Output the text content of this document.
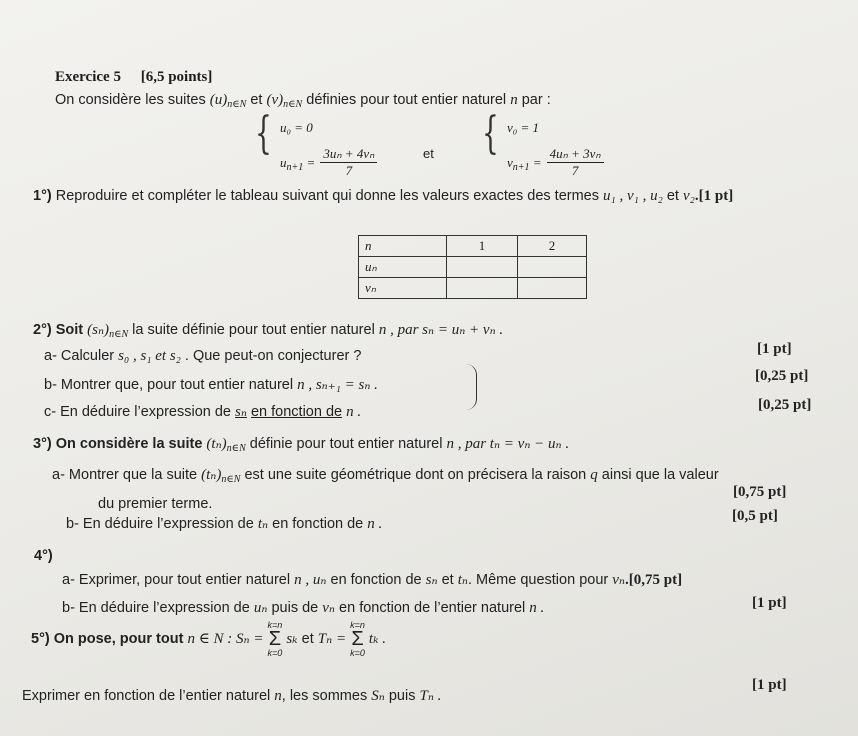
Exercice 5 [6,5 points]
On considère les suites $(u)_{n\in N}$ et $(v)_{n\in N}$ définies pour tout entier naturel n par :
{ u₀ = 0
$u_{n+1} = \frac{\text{3uₙ + 4vₙ}}{7}$	et { v₀ = 1
$v_{n+1} = \frac{\text{4uₙ + 3vₙ}}{7}$
1°) Reproduire et compléter le tableau suivant qui donne les valeurs exactes des termes u₁ , v₁ , u₂ et v₂.[1 pt]
n	1	2
uₙ		
vₙ		
2°) Soit $(s_n)_{n\in N}$ la suite définie pour tout entier naturel n , par sₙ = uₙ + vₙ .
a- Calculer s₀ , s₁ et s₂ . Que peut-on conjecturer ?	[1 pt]
b- Montrer que, pour tout entier naturel n , sₙ₊₁ = sₙ .
[0,25 pt]
c- En déduire l’expression de sₙ en fonction de n .	[0,25 pt]
3°) On considère la suite $(t_n)_{n\in N}$ définie pour tout entier naturel n , par tₙ = vₙ − uₙ .
a- Montrer que la suite $(t_n)_{n\in N}$ est une suite géométrique dont on précisera la raison q ainsi que la valeur
du premier terme.
[0,75 pt]
b- En déduire l’expression de tₙ en fonction de n .	[0,5 pt]
4°)
a- Exprimer, pour tout entier naturel n , uₙ en fonction de sₙ et tₙ. Même question pour vₙ.[0,75 pt]
b- En déduire l’expression de uₙ puis de vₙ en fonction de l’entier naturel n .	[1 pt]
5°) On pose, pour tout n ∈ N : Sₙ = k=n
Σ
k=0 sₖ et Tₙ = k=n
Σ
k=0 tₖ .
Exprimer en fonction de l’entier naturel n, les sommes Sₙ puis Tₙ .
[1 pt]
